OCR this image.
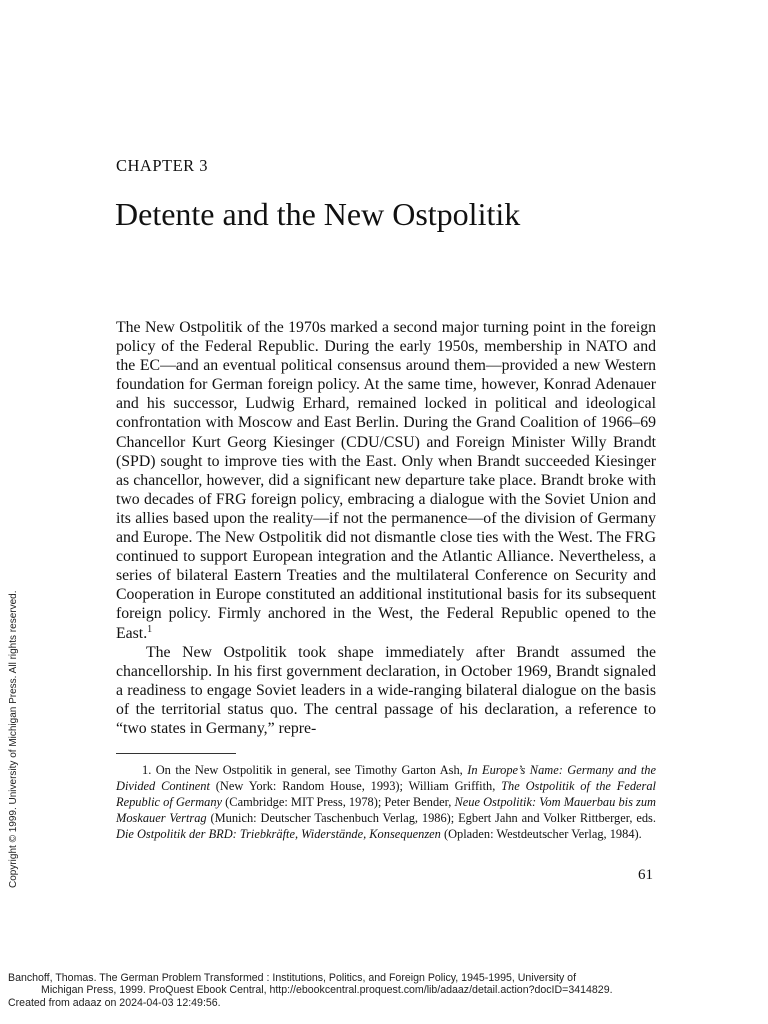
CHAPTER 3
Detente and the New Ostpolitik

The New Ostpolitik of the 1970s marked a second major turning point in the foreign policy of the Federal Republic. During the early 1950s, membership in NATO and the EC—and an eventual political consensus around them—provided a new Western foundation for German foreign policy. At the same time, however, Konrad Adenauer and his successor, Ludwig Erhard, remained locked in political and ideological confrontation with Moscow and East Berlin. During the Grand Coalition of 1966–69 Chancellor Kurt Georg Kiesinger (CDU/CSU) and Foreign Minister Willy Brandt (SPD) sought to improve ties with the East. Only when Brandt succeeded Kiesinger as chancellor, however, did a significant new departure take place. Brandt broke with two decades of FRG foreign policy, embracing a dialogue with the Soviet Union and its allies based upon the reality—if not the permanence—of the division of Germany and Europe. The New Ostpolitik did not dismantle close ties with the West. The FRG continued to support European integration and the Atlantic Alliance. Nevertheless, a series of bilateral Eastern Treaties and the multilateral Conference on Security and Cooperation in Europe constituted an additional institutional basis for its subsequent foreign policy. Firmly anchored in the West, the Federal Republic opened to the East.$^1$

The New Ostpolitik took shape immediately after Brandt assumed the chancellorship. In his first government declaration, in October 1969, Brandt signaled a readiness to engage Soviet leaders in a wide-ranging bilateral dialogue on the basis of the territorial status quo. The central passage of his declaration, a reference to “two states in Germany,” repre-

1. On the New Ostpolitik in general, see Timothy Garton Ash, In Europe’s Name: Germany and the Divided Continent (New York: Random House, 1993); William Griffith, The Ostpolitik of the Federal Republic of Germany (Cambridge: MIT Press, 1978); Peter Bender, Neue Ostpolitik: Vom Mauerbau bis zum Moskauer Vertrag (Munich: Deutscher Taschenbuch Verlag, 1986); Egbert Jahn and Volker Rittberger, eds. Die Ostpolitik der BRD: Triebkräfte, Widerstände, Konsequenzen (Opladen: Westdeutscher Verlag, 1984).

61
Copyright © 1999. University of Michigan Press. All rights reserved.
Banchoff, Thomas. The German Problem Transformed : Institutions, Politics, and Foreign Policy, 1945-1995, University of
Michigan Press, 1999. ProQuest Ebook Central, http://ebookcentral.proquest.com/lib/adaaz/detail.action?docID=3414829.
Created from adaaz on 2024-04-03 12:49:56.
